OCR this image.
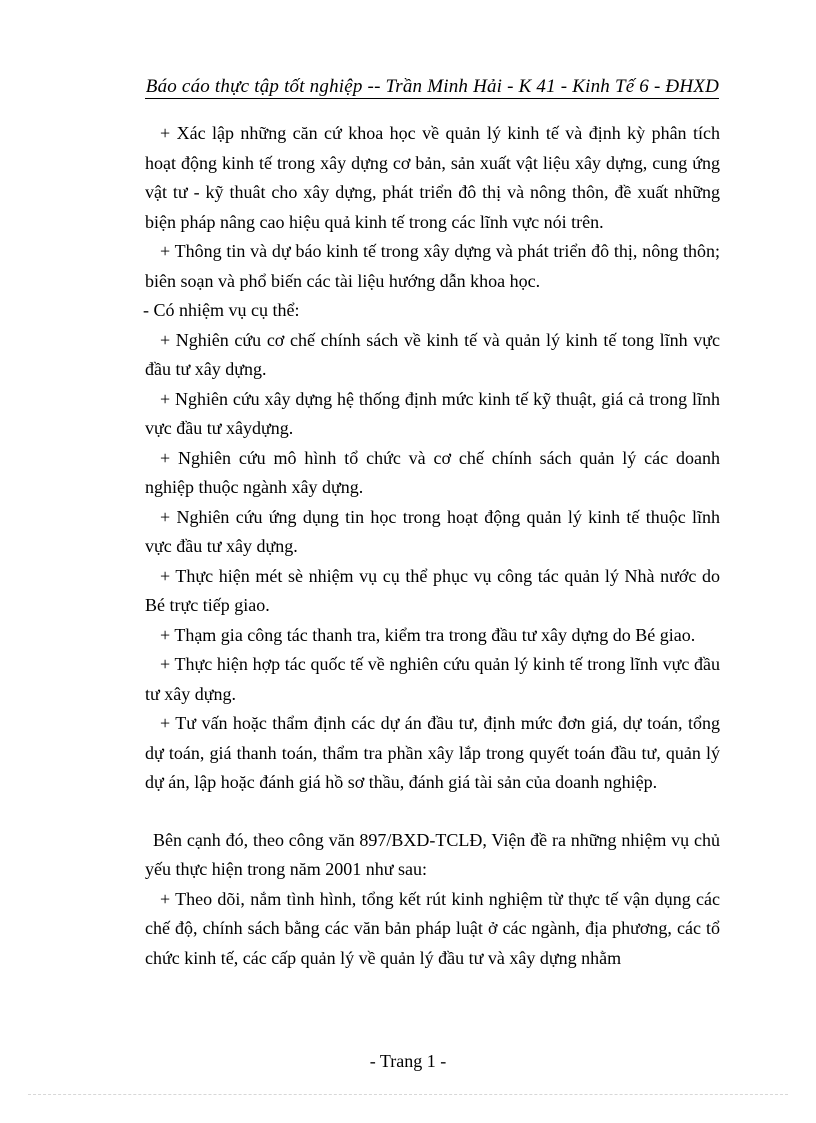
Báo cáo thực tập tốt nghiệp -- Trần Minh Hải - K 41 - Kinh Tế 6 - ĐHXD

+ Xác lập những căn cứ khoa học về quản lý kinh tế và định kỳ phân tích hoạt động kinh tế trong xây dựng cơ bản, sản xuất vật liệu xây dựng, cung ứng vật tư - kỹ thuât cho xây dựng, phát triển đô thị và nông thôn, đề xuất những biện pháp nâng cao hiệu quả kinh tế trong các lĩnh vực nói trên.

+ Thông tin và dự báo kinh tế trong xây dựng và phát triển đô thị, nông thôn; biên soạn và phổ biến các tài liệu hướng dẫn khoa học.

- Có nhiệm vụ cụ thể:

+ Nghiên cứu cơ chế chính sách về kinh tế và quản lý kinh tế tong lĩnh vực đầu tư xây dựng.

+ Nghiên cứu xây dựng hệ thống định mức kinh tế kỹ thuật, giá cả trong lĩnh vực đầu tư xâydựng.

+ Nghiên cứu mô hình tổ chức và cơ chế chính sách quản lý các doanh nghiệp thuộc ngành xây dựng.

+ Nghiên cứu ứng dụng tin học trong hoạt động quản lý kinh tế thuộc lĩnh vực đầu tư xây dựng.

+ Thực hiện mét sè nhiệm vụ cụ thể phục vụ công tác quản lý Nhà nước do Bé trực tiếp giao.

+ Thạm gia công tác thanh tra, kiểm tra trong đầu tư xây dựng do Bé giao.

+ Thực hiện hợp tác quốc tế về nghiên cứu quản lý kinh tế trong lĩnh vực đầu tư xây dựng.

+ Tư vấn hoặc thẩm định các dự án đầu tư, định mức đơn giá, dự toán, tổng dự toán, giá thanh toán, thẩm tra phần xây lắp trong quyết toán đầu tư, quản lý dự án, lập hoặc đánh giá hồ sơ thầu, đánh giá tài sản của doanh nghiệp.

Bên cạnh đó, theo công văn 897/BXD-TCLĐ, Viện đề ra những nhiệm vụ chủ yếu thực hiện trong năm 2001 như sau:

+ Theo dõi, nắm tình hình, tổng kết rút kinh nghiệm từ thực tế vận dụng các chế độ, chính sách bằng các văn bản pháp luật ở các ngành, địa phương, các tổ chức kinh tế, các cấp quản lý về quản lý đầu tư và xây dựng nhằm

- Trang 1 -
